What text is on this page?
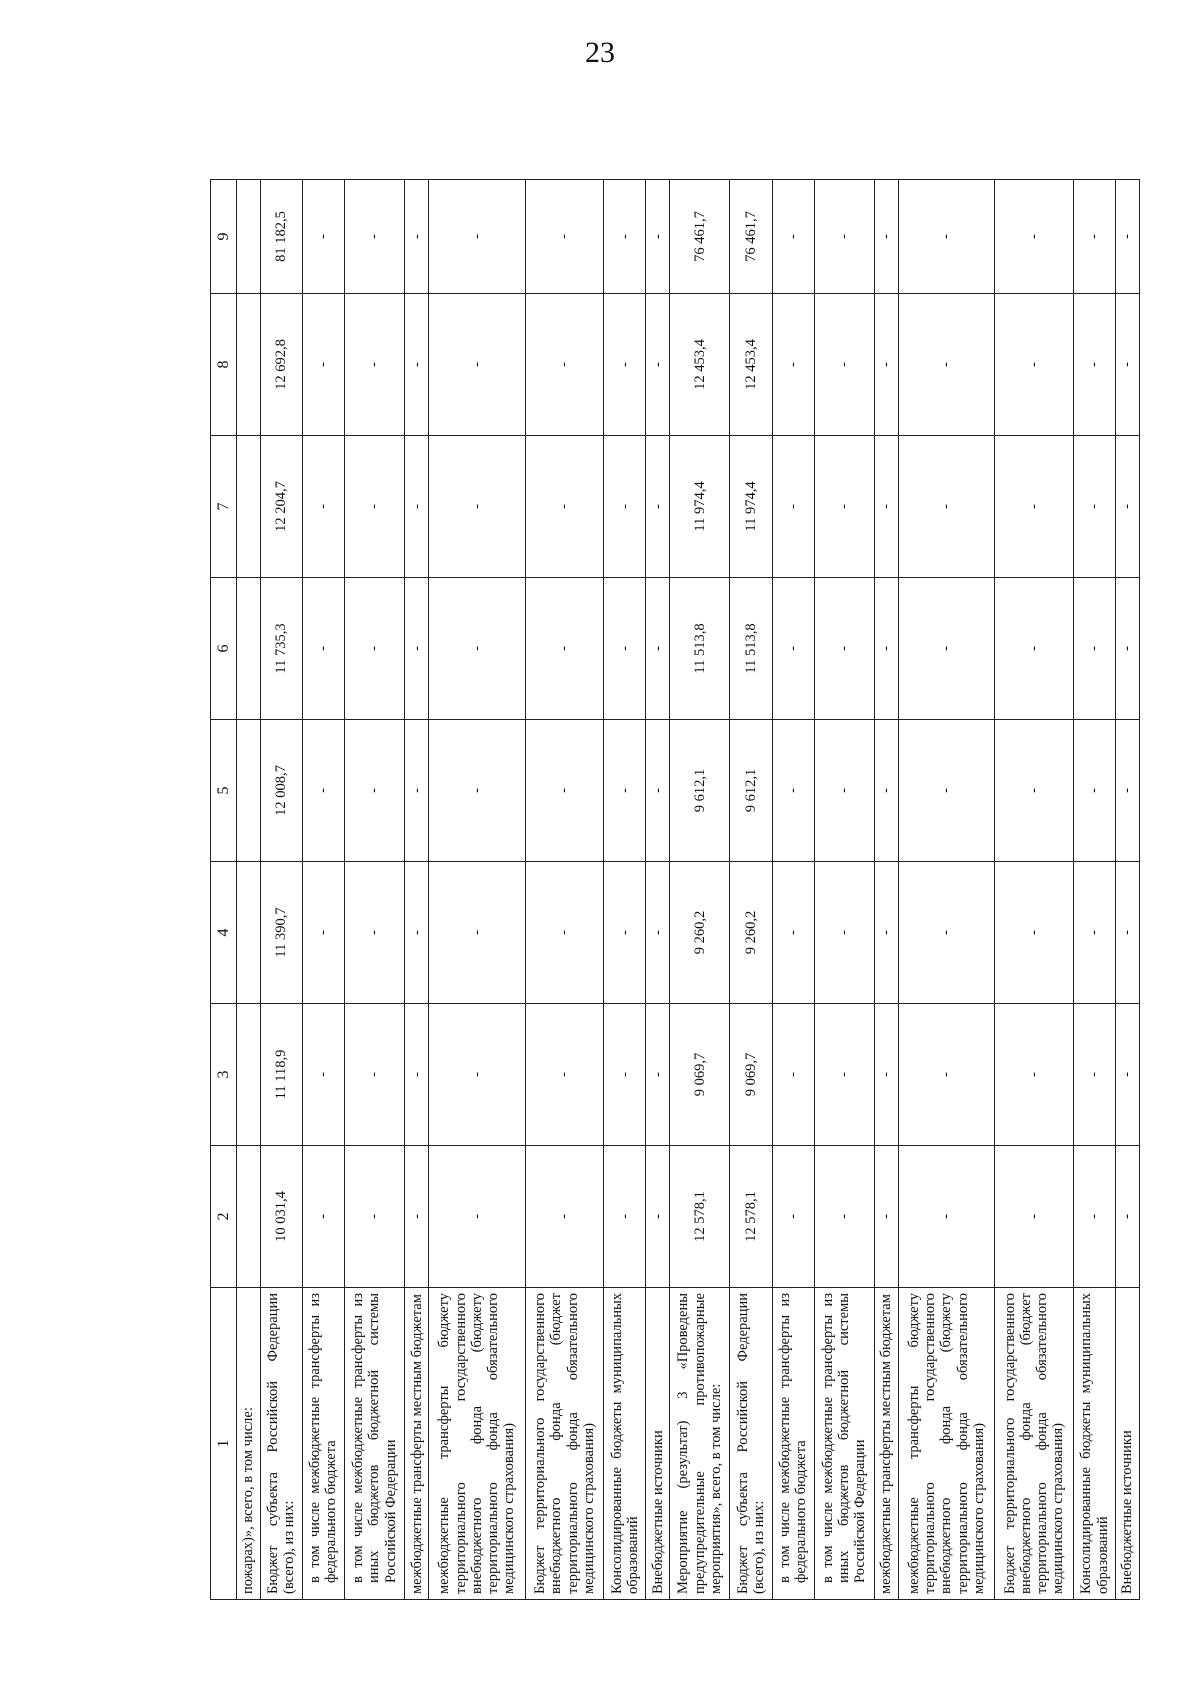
23
1	2	3	4	5	6	7	8	9
пожарах)», всего, в том числе:								
Бюджет субъекта Российской Федерации (всего), из них:	10 031,4	11 118,9	11 390,7	12 008,7	11 735,3	12 204,7	12 692,8	81 182,5
в том числе межбюджетные трансферты из федерального бюджета	-	-	-	-	-	-	-	-
в том числе межбюджетные трансферты из иных бюджетов бюджетной системы Российской Федерации	-	-	-	-	-	-	-	-
межбюджетные трансферты местным бюджетам	-	-	-	-	-	-	-	-
межбюджетные трансферты бюджету территориального государственного внебюджетного фонда (бюджету территориального фонда обязательного медицинского страхования)	-	-	-	-	-	-	-	-
Бюджет территориального государственного внебюджетного фонда (бюджет территориального фонда обязательного медицинского страхования)	-	-	-	-	-	-	-	-
Консолидированные бюджеты муниципальных образований	-	-	-	-	-	-	-	-
Внебюджетные источники	-	-	-	-	-	-	-	-
Мероприятие (результат) 3 «Проведены предупредительные противопожарные мероприятия», всего, в том числе:	12 578,1	9 069,7	9 260,2	9 612,1	11 513,8	11 974,4	12 453,4	76 461,7
Бюджет субъекта Российской Федерации (всего), из них:	12 578,1	9 069,7	9 260,2	9 612,1	11 513,8	11 974,4	12 453,4	76 461,7
в том числе межбюджетные трансферты из федерального бюджета	-	-	-	-	-	-	-	-
в том числе межбюджетные трансферты из иных бюджетов бюджетной системы Российской Федерации	-	-	-	-	-	-	-	-
межбюджетные трансферты местным бюджетам	-	-	-	-	-	-	-	-
межбюджетные трансферты бюджету территориального государственного внебюджетного фонда (бюджету территориального фонда обязательного медицинского страхования)	-	-	-	-	-	-	-	-
Бюджет территориального государственного внебюджетного фонда (бюджет территориального фонда обязательного медицинского страхования)	-	-	-	-	-	-	-	-
Консолидированные бюджеты муниципальных образований	-	-	-	-	-	-	-	-
Внебюджетные источники	-	-	-	-	-	-	-	-
